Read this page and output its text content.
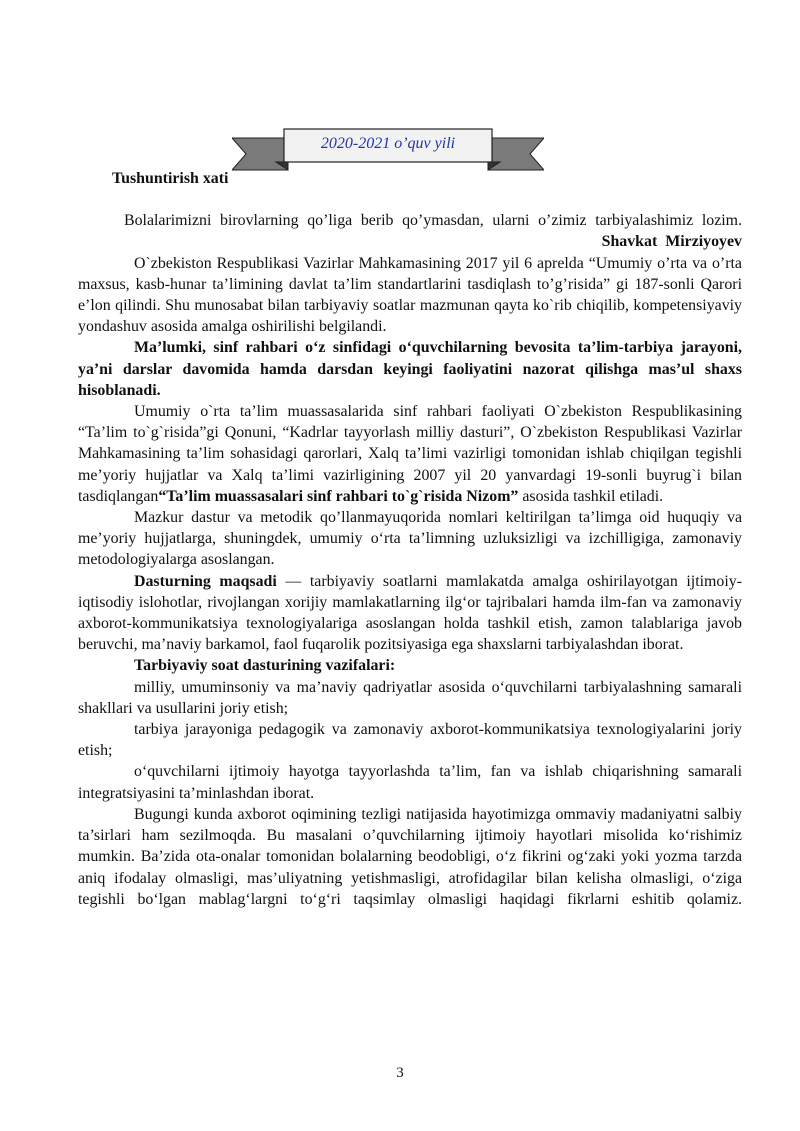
2020-2021 o’quv yili

Tushuntirish xati

Bolalarimizni birovlarning qo’liga berib qo’ymasdan, ularni o’zimiz tarbiyalashimiz lozim.

Shavkat Mirziyoyev

O`zbekiston Respublikasi Vazirlar Mahkamasining 2017 yil 6 aprelda “Umumiy o’rta va o’rta maxsus, kasb-hunar ta’limining davlat ta’lim standartlarini tasdiqlash to’g’risida” gi 187-sonli Qarori e’lon qilindi. Shu munosabat bilan tarbiyaviy soatlar mazmunan qayta ko`rib chiqilib, kompetensiyaviy yondashuv asosida amalga oshirilishi belgilandi.

Ma’lumki, sinf rahbari o‘z sinfidagi o‘quvchilarning bevosita ta’lim-tarbiya jarayoni, ya’ni darslar davomida hamda darsdan keyingi faoliyatini nazorat qilishga mas’ul shaxs hisoblanadi.

Umumiy o`rta ta’lim muassasalarida sinf rahbari faoliyati O`zbekiston Respublikasining “Ta’lim to`g`risida”gi Qonuni, “Kadrlar tayyorlash milliy dasturi”, O`zbekiston Respublikasi Vazirlar Mahkamasining ta’lim sohasidagi qarorlari, Xalq ta’limi vazirligi tomonidan ishlab chiqilgan tegishli me’yoriy hujjatlar va Xalq ta’limi vazirligining 2007 yil 20 yanvardagi 19-sonli buyrug`i bilan tasdiqlangan“Ta’lim muassasalari sinf rahbari to`g`risida Nizom” asosida tashkil etiladi.

Mazkur dastur va metodik qo’llanmayuqorida nomlari keltirilgan ta’limga oid huquqiy va me’yoriy hujjatlarga, shuningdek, umumiy o‘rta ta’limning uzluksizligi va izchilligiga, zamonaviy metodologiyalarga asoslangan.

Dasturning maqsadi — tarbiyaviy soatlarni mamlakatda amalga oshirilayotgan ijtimoiy-iqtisodiy islohotlar, rivojlangan xorijiy mamlakatlarning ilg‘or tajribalari hamda ilm-fan va zamonaviy axborot-kommunikatsiya texnologiyalariga asoslangan holda tashkil etish, zamon talablariga javob beruvchi, ma’naviy barkamol, faol fuqarolik pozitsiyasiga ega shaxslarni tarbiyalashdan iborat.

Tarbiyaviy soat dasturining vazifalari:

milliy, umuminsoniy va ma’naviy qadriyatlar asosida o‘quvchilarni tarbiyalashning samarali shakllari va usullarini joriy etish;

tarbiya jarayoniga pedagogik va zamonaviy axborot-kommunikatsiya texnologiyalarini joriy etish;

o‘quvchilarni ijtimoiy hayotga tayyorlashda ta’lim, fan va ishlab chiqarishning samarali integratsiyasini ta’minlashdan iborat.

Bugungi kunda axborot oqimining tezligi natijasida hayotimizga ommaviy madaniyatni salbiy ta’sirlari ham sezilmoqda. Bu masalani o’quvchilarning ijtimoiy hayotlari misolida ko‘rishimiz mumkin. Ba’zida ota-onalar tomonidan bolalarning beodobligi, o‘z fikrini og‘zaki yoki yozma tarzda aniq ifodalay olmasligi, mas’uliyatning yetishmasligi, atrofidagilar bilan kelisha olmasligi, o‘ziga tegishli bo‘lgan mablag‘largni to‘g‘ri taqsimlay olmasligi haqidagi fikrlarni eshitib qolamiz.

3
